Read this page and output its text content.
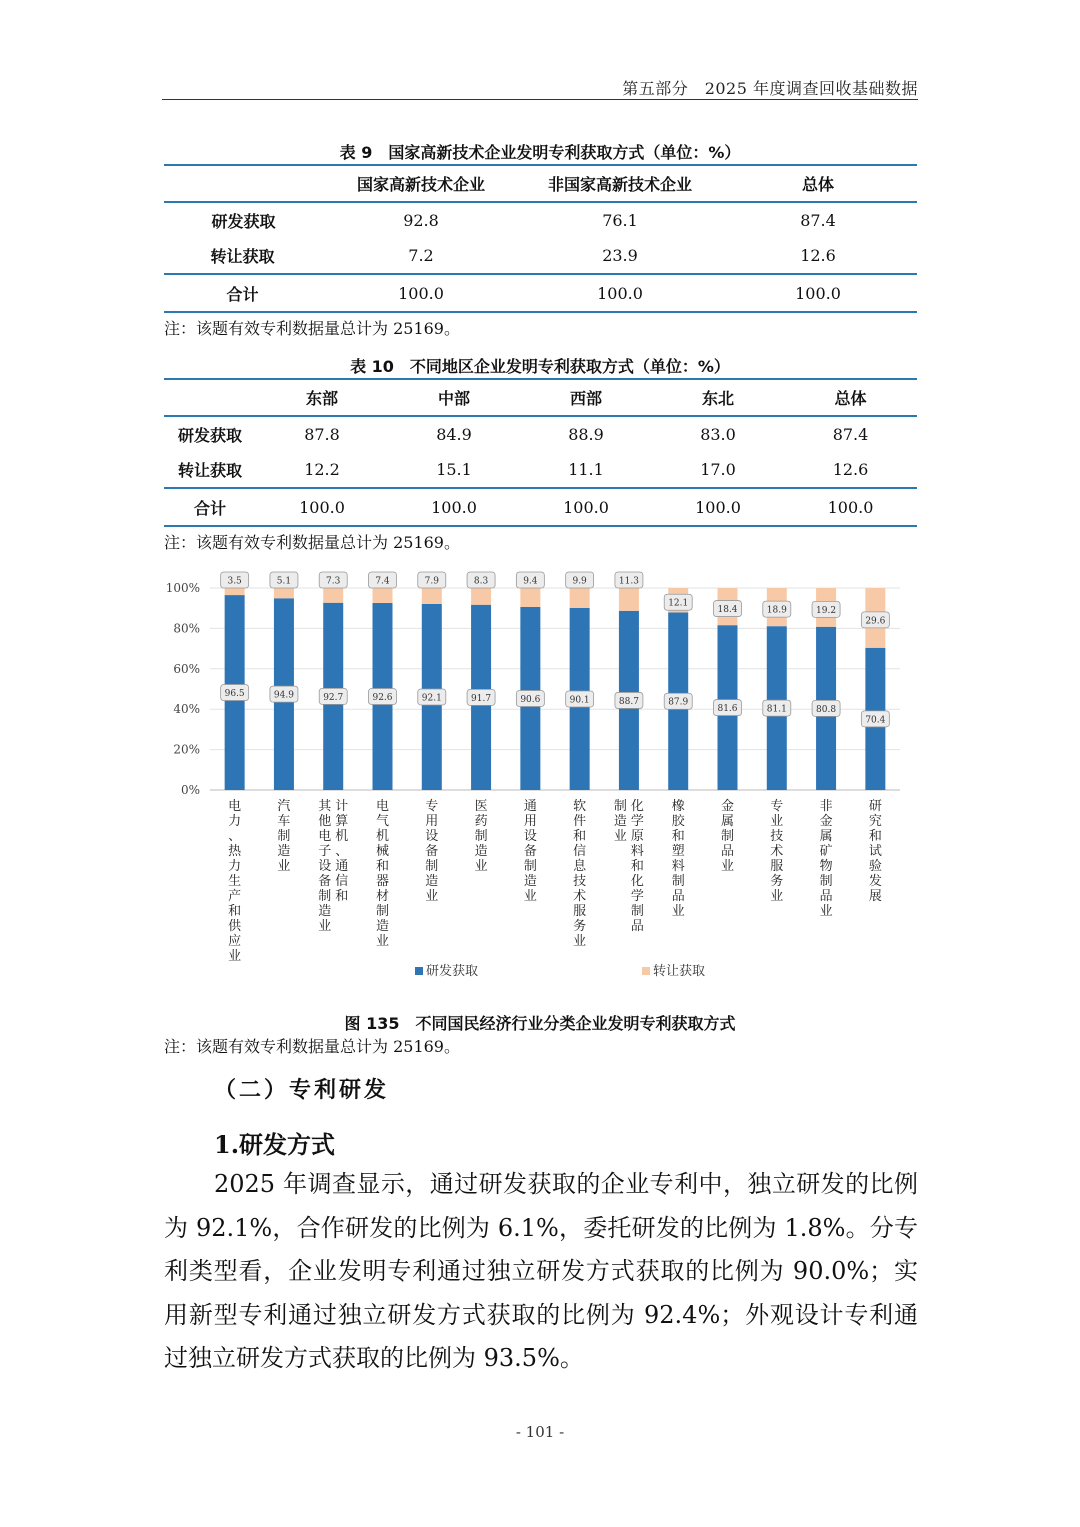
第五部分　2025 年度调查回收基础数据
表 9　国家高新技术企业发明专利获取方式（单位：%）
	国家高新技术企业	非国家高新技术企业	总体
研发获取	92.8	76.1	87.4
转让获取	7.2	23.9	12.6
合计	100.0	100.0	100.0
注：该题有效专利数据量总计为 25169。
表 10　不同地区企业发明专利获取方式（单位：%）
	东部	中部	西部	东北	总体
研发获取	87.8	84.9	88.9	83.0	87.4
转让获取	12.2	15.1	11.1	17.0	12.6
合计	100.0	100.0	100.0	100.0	100.0
注：该题有效专利数据量总计为 25169。
0%
20%
40%
60%
80%
100%
96.5
3.5
电
力
、
热
力
生
产
和
供
应
业
94.9
5.1
汽
车
制
造
业
92.7
7.3
其
他
电
子
设
备
制
造
业
计
算
机
、
通
信
和
92.6
7.4
电
气
机
械
和
器
材
制
造
业
92.1
7.9
专
用
设
备
制
造
业
91.7
8.3
医
药
制
造
业
90.6
9.4
通
用
设
备
制
造
业
90.1
9.9
软
件
和
信
息
技
术
服
务
业
88.7
11.3
制
造
业
化
学
原
料
和
化
学
制
品
87.9
12.1
橡
胶
和
塑
料
制
品
业
81.6
18.4
金
属
制
品
业
81.1
18.9
专
业
技
术
服
务
业
80.8
19.2
非
金
属
矿
物
制
品
业
70.4
29.6
研
究
和
试
验
发
展
研发获取	转让获取
图 135　不同国民经济行业分类企业发明专利获取方式
注：该题有效专利数据量总计为 25169。
（二）专利研发
1.研发方式
2025 年调查显示，通过研发获取的企业专利中，独立研发的比例为 92.1%，合作研发的比例为 6.1%，委托研发的比例为 1.8%。分专利类型看，企业发明专利通过独立研发方式获取的比例为 90.0%；实用新型专利通过独立研发方式获取的比例为 92.4%；外观设计专利通过独立研发方式获取的比例为 93.5%。
- 101 -
